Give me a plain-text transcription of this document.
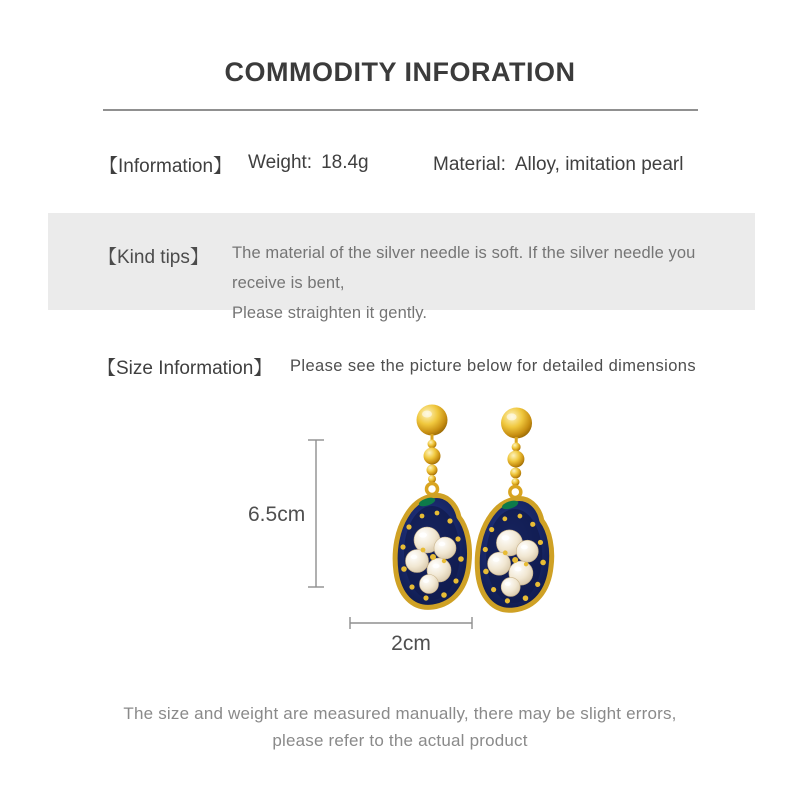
COMMODITY INFORATION
【Information】 Weight: 18.4g	Material: Alloy, imitation pearl
【Kind tips】 The material of the silver needle is soft. If the silver needle you receive is bent,
Please straighten it gently.
【Size Information】 Please see the picture below for detailed dimensions
6.5cm
2cm
The size and weight are measured manually, there may be slight errors,
please refer to the actual product
